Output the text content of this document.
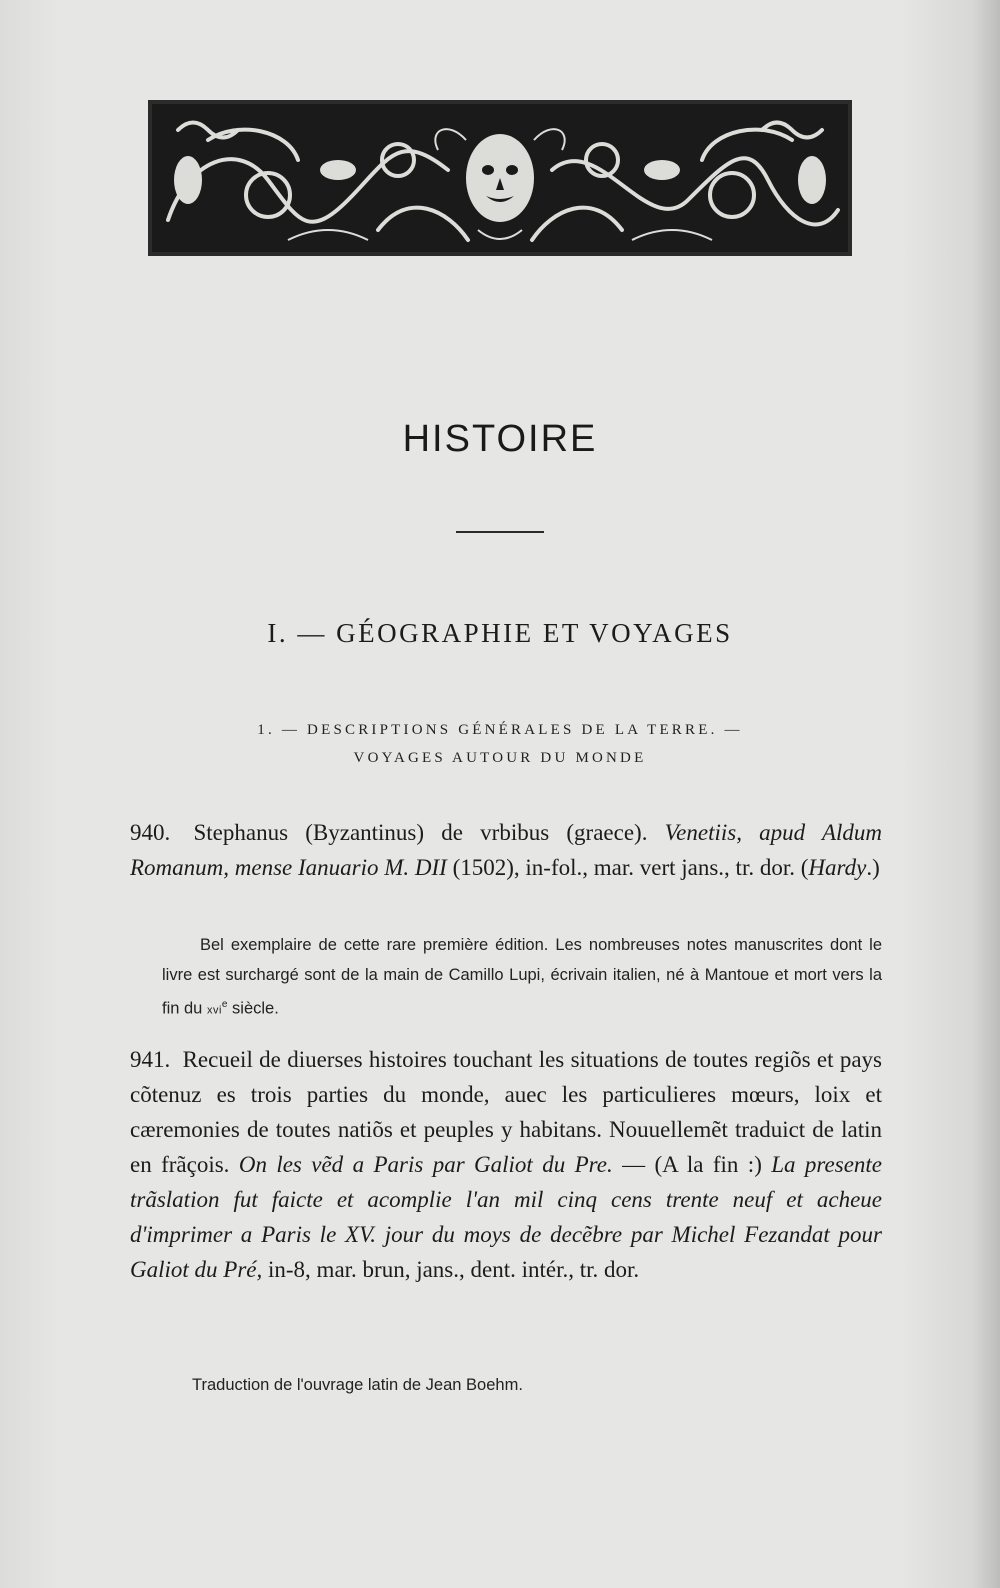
HISTOIRE
I. — GÉOGRAPHIE ET VOYAGES
1. — DESCRIPTIONS GÉNÉRALES DE LA TERRE. —
VOYAGES AUTOUR DU MONDE
940. Stephanus (Byzantinus) de vrbibus (graece). Venetiis, apud Aldum Romanum, mense Ianuario M. DII (1502), in-fol., mar. vert jans., tr. dor. (Hardy.)
Bel exemplaire de cette rare première édition. Les nombreuses notes manuscrites dont le livre est surchargé sont de la main de Camillo Lupi, écrivain italien, né à Mantoue et mort vers la fin du xvi$^e$ siècle.
941. Recueil de diuerses histoires touchant les situations de toutes regiõs et pays cõtenuz es trois parties du monde, auec les particulieres mœurs, loix et cæremonies de toutes natiõs et peuples y habitans. Nouuellemẽt traduict de latin en frãçois. On les vẽd a Paris par Galiot du Pre. — (A la fin :) La presente trãslation fut faicte et acomplie l'an mil cinq cens trente neuf et acheue d'imprimer a Paris le XV. jour du moys de decẽbre par Michel Fezandat pour Galiot du Pré, in-8, mar. brun, jans., dent. intér., tr. dor.
Traduction de l'ouvrage latin de Jean Boehm.
